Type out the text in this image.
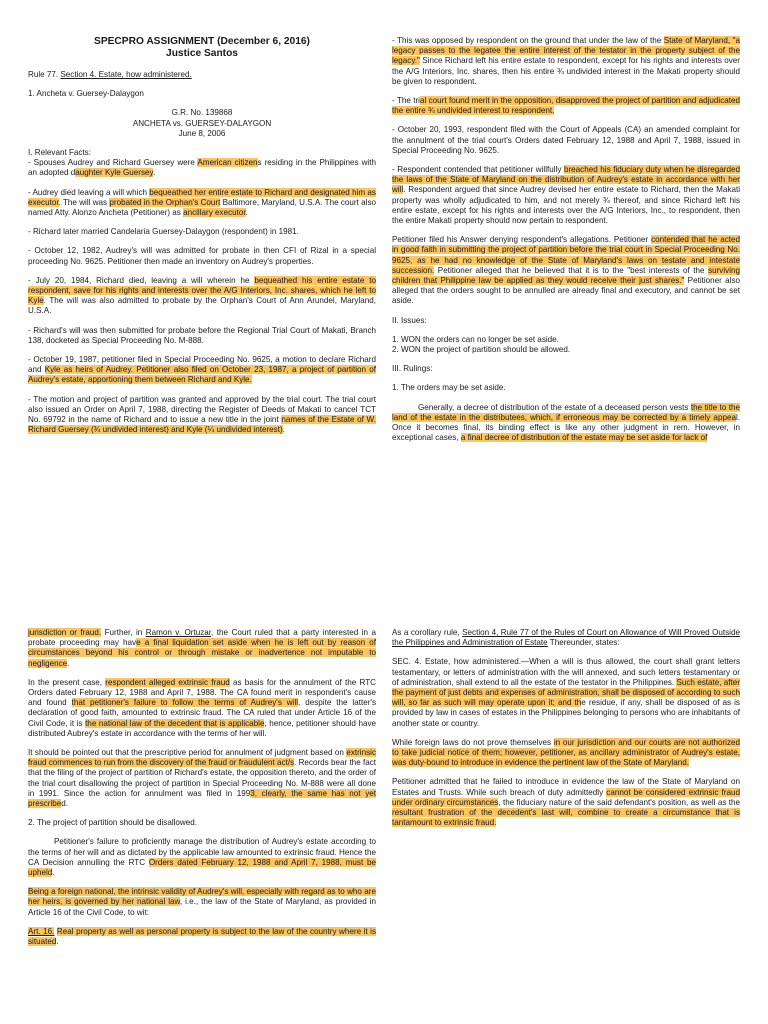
SPECPRO ASSIGNMENT (December 6, 2016)
Justice Santos

Rule 77. Section 4. Estate, how administered.

1. Ancheta v. Guersey-Dalaygon

G.R. No. 139868
ANCHETA vs. GUERSEY-DALAYGON
June 8, 2006
I. Relevant Facts:

- Spouses Audrey and Richard Guersey were American citizens residing in the Philippines with an adopted daughter Kyle Guersey.

- Audrey died leaving a will which bequeathed her entire estate to Richard and designated him as executor. The will was probated in the Orphan's Court Baltimore, Maryland, U.S.A. The court also named Atty. Alonzo Ancheta (Petitioner) as ancillary executor.

- Richard later married Candelaria Guersey-Dalaygon (respondent) in 1981.

- October 12, 1982, Audrey's will was admitted for probate in then CFI of Rizal in a special proceeding No. 9625. Petitioner then made an inventory on Audrey's properties.

- July 20, 1984, Richard died, leaving a will wherein he bequeathed his entire estate to respondent, save for his rights and interests over the A/G Interiors, Inc. shares, which he left to Kyle. The will was also admitted to probate by the Orphan's Court of Ann Arundel, Maryland, U.S.A.

- Richard's will was then submitted for probate before the Regional Trial Court of Makati, Branch 138, docketed as Special Proceeding No. M-888.

- October 19, 1987, petitioner filed in Special Proceeding No. 9625, a motion to declare Richard and Kyle as heirs of Audrey. Petitioner also filed on October 23, 1987, a project of partition of Audrey's estate, apportioning them between Richard and Kyle.

- The motion and project of partition was granted and approved by the trial court. The trial court also issued an Order on April 7, 1988, directing the Register of Deeds of Makati to cancel TCT No. 69792 in the name of Richard and to issue a new title in the joint names of the Estate of W. Richard Guersey (¾ undivided interest) and Kyle (¼ undivided interest).

- This was opposed by respondent on the ground that under the law of the State of Maryland, "a legacy passes to the legatee the entire interest of the testator in the property subject of the legacy." Since Richard left his entire estate to respondent, except for his rights and interests over the A/G Interiors, Inc. shares, then his entire ¾ undivided interest in the Makati property should be given to respondent.

- The trial court found merit in the opposition, disapproved the project of partition and adjudicated the entire ¾ undivided interest to respondent.

- October 20, 1993, respondent filed with the Court of Appeals (CA) an amended complaint for the annulment of the trial court's Orders dated February 12, 1988 and April 7, 1988, issued in Special Proceeding No. 9625.

- Respondent contended that petitioner willfully breached his fiduciary duty when he disregarded the laws of the State of Maryland on the distribution of Audrey's estate in accordance with her will. Respondent argued that since Audrey devised her entire estate to Richard, then the Makati property was wholly adjudicated to him, and not merely ¾ thereof, and since Richard left his entire estate, except for his rights and interests over the A/G Interiors, Inc., to respondent, then the entire Makati property should now pertain to respondent.

Petitioner filed his Answer denying respondent's allegations. Petitioner contended that he acted in good faith in submitting the project of partition before the trial court in Special Proceeding No. 9625, as he had no knowledge of the State of Maryland's laws on testate and intestate succession. Petitioner alleged that he believed that it is to the "best interests of the surviving children that Philippine law be applied as they would receive their just shares." Petitioner also alleged that the orders sought to be annulled are already final and executory, and cannot be set aside.

II. Issues:

1. WON the orders can no longer be set aside.
2. WON the project of partition should be allowed.

III. Rulings:

1. The orders may be set aside.

Generally, a decree of distribution of the estate of a deceased person vests the title to the land of the estate in the distributees, which, if erroneous may be corrected by a timely appeal. Once it becomes final, its binding effect is like any other judgment in rem. However, in exceptional cases, a final decree of distribution of the estate may be set aside for lack of

jurisdiction or fraud. Further, in Ramon v. Ortuzar, the Court ruled that a party interested in a probate proceeding may have a final liquidation set aside when he is left out by reason of circumstances beyond his control or through mistake or inadvertence not imputable to negligence.

In the present case, respondent alleged extrinsic fraud as basis for the annulment of the RTC Orders dated February 12, 1988 and April 7, 1988. The CA found merit in respondent's cause and found that petitioner's failure to follow the terms of Audrey's will, despite the latter's declaration of good faith, amounted to extrinsic fraud. The CA ruled that under Article 16 of the Civil Code, it is the national law of the decedent that is applicable, hence, petitioner should have distributed Aubrey's estate in accordance with the terms of her will.

It should be pointed out that the prescriptive period for annulment of judgment based on extrinsic fraud commences to run from the discovery of the fraud or fraudulent act/s. Records bear the fact that the filing of the project of partition of Richard's estate, the opposition thereto, and the order of the trial court disallowing the project of partition in Special Proceeding No. M-888 were all done in 1991. Since the action for annulment was filed in 1993, clearly, the same has not yet prescribed.

2. The project of partition should be disallowed.

Petitioner's failure to proficiently manage the distribution of Audrey's estate according to the terms of her will and as dictated by the applicable law amounted to extrinsic fraud. Hence the CA Decision annulling the RTC Orders dated February 12, 1988 and April 7, 1988, must be upheld.

Being a foreign national, the intrinsic validity of Audrey's will, especially with regard as to who are her heirs, is governed by her national law, i.e., the law of the State of Maryland, as provided in Article 16 of the Civil Code, to wit:

Art. 16. Real property as well as personal property is subject to the law of the country where it is situated.

As a corollary rule, Section 4, Rule 77 of the Rules of Court on Allowance of Will Proved Outside the Philippines and Administration of Estate Thereunder, states:

SEC. 4. Estate, how administered.—When a will is thus allowed, the court shall grant letters testamentary, or letters of administration with the will annexed, and such letters testamentary or of administration, shall extend to all the estate of the testator in the Philippines. Such estate, after the payment of just debts and expenses of administration, shall be disposed of according to such will, so far as such will may operate upon it; and the residue, if any, shall be disposed of as is provided by law in cases of estates in the Philippines belonging to persons who are inhabitants of another state or country.

While foreign laws do not prove themselves in our jurisdiction and our courts are not authorized to take judicial notice of them; however, petitioner, as ancillary administrator of Audrey's estate, was duty-bound to introduce in evidence the pertinent law of the State of Maryland.

Petitioner admitted that he failed to introduce in evidence the law of the State of Maryland on Estates and Trusts. While such breach of duty admittedly cannot be considered extrinsic fraud under ordinary circumstances, the fiduciary nature of the said defendant's position, as well as the resultant frustration of the decedent's last will, combine to create a circumstance that is tantamount to extrinsic fraud.
